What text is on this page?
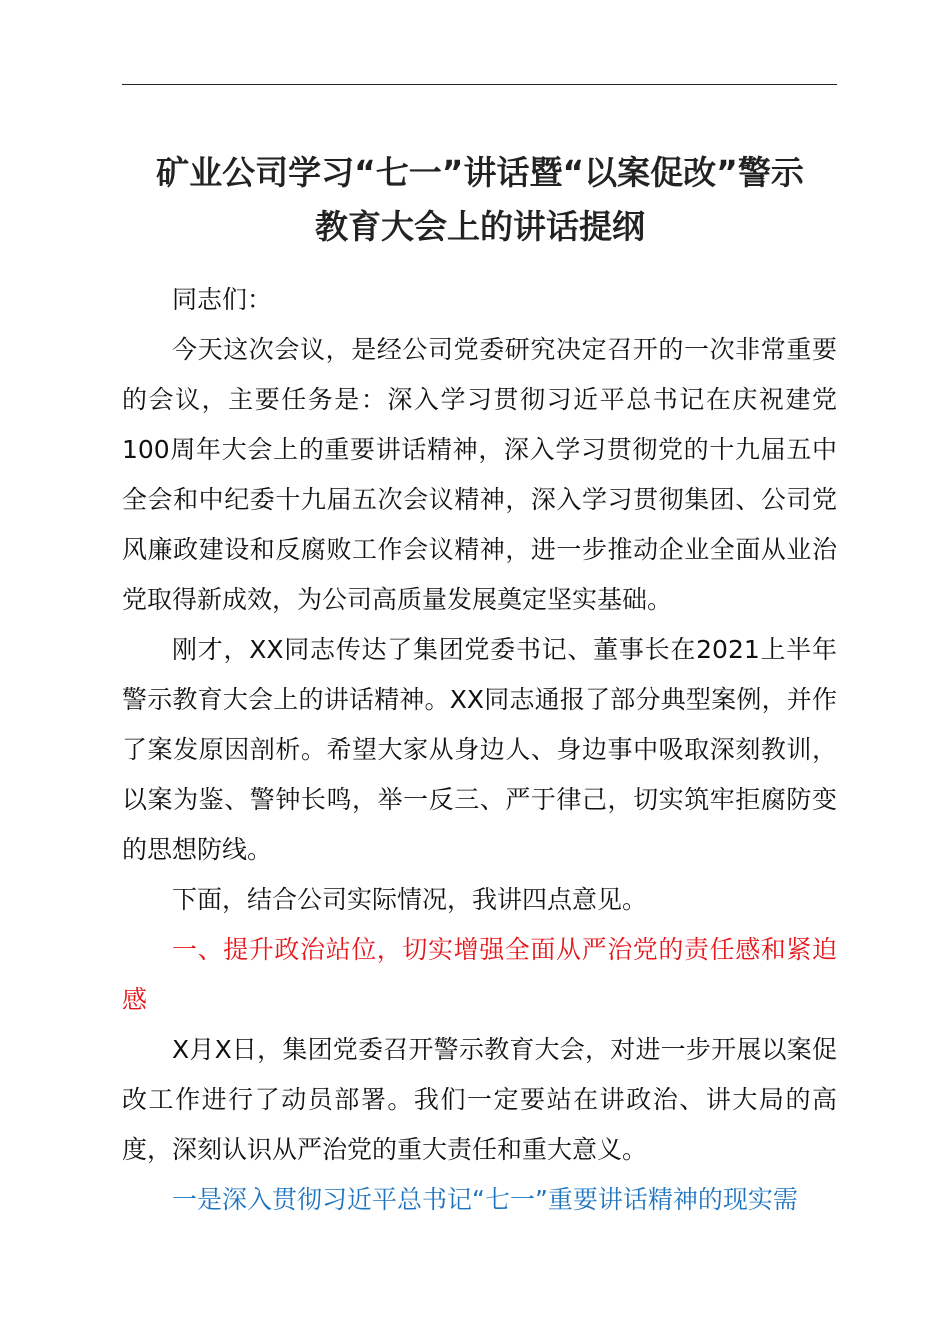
矿业公司学习“七一”讲话暨“以案促改”警示
教育大会上的讲话提纲

同志们：

今天这次会议，是经公司党委研究决定召开的一次非常重要的会议，主要任务是：深入学习贯彻习近平总书记在庆祝建党100周年大会上的重要讲话精神，深入学习贯彻党的十九届五中全会和中纪委十九届五次会议精神，深入学习贯彻集团、公司党风廉政建设和反腐败工作会议精神，进一步推动企业全面从业治党取得新成效，为公司高质量发展奠定坚实基础。

刚才，XX同志传达了集团党委书记、董事长在2021上半年警示教育大会上的讲话精神。XX同志通报了部分典型案例，并作了案发原因剖析。希望大家从身边人、身边事中吸取深刻教训，以案为鉴、警钟长鸣，举一反三、严于律己，切实筑牢拒腐防变的思想防线。

下面，结合公司实际情况，我讲四点意见。

一、提升政治站位，切实增强全面从严治党的责任感和紧迫感

X月X日，集团党委召开警示教育大会，对进一步开展以案促改工作进行了动员部署。我们一定要站在讲政治、讲大局的高度，深刻认识从严治党的重大责任和重大意义。

一是深入贯彻习近平总书记“七一”重要讲话精神的现实需
